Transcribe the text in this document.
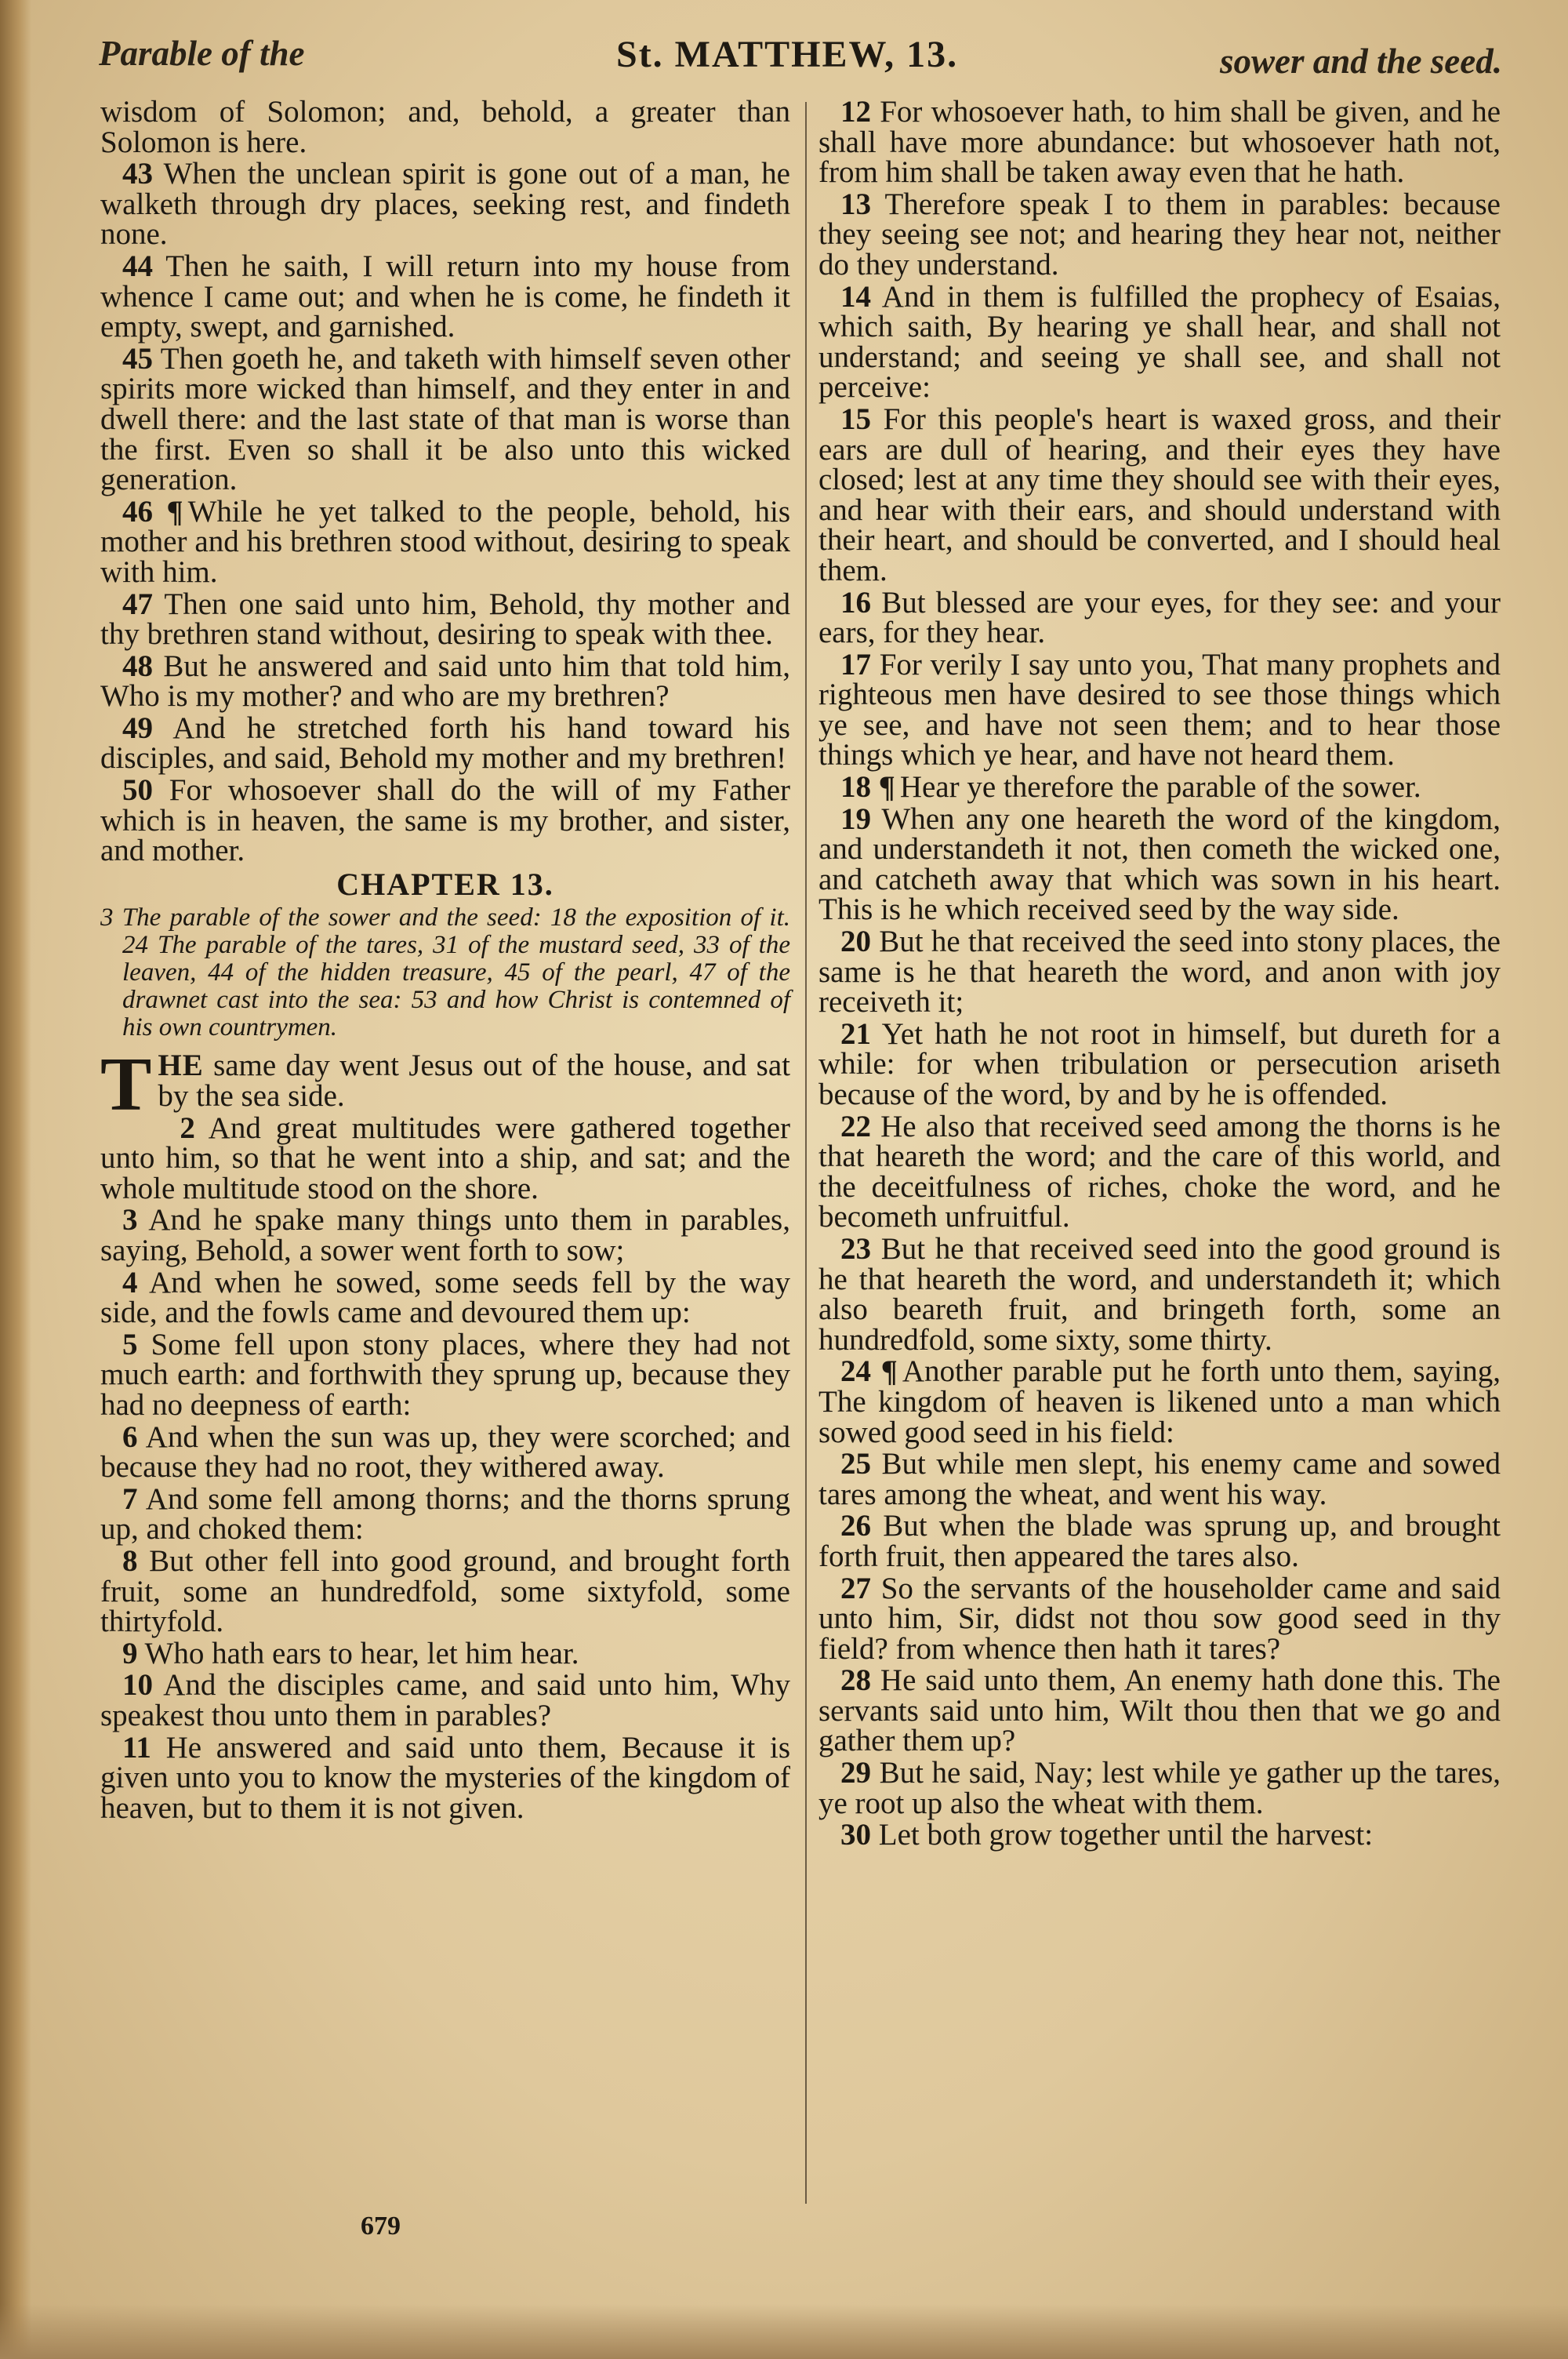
Parable of the	St. MATTHEW, 13.	sower and the seed.
wisdom of Solomon; and, behold, a greater than Solomon is here.
43 When the unclean spirit is gone out of a man, he walketh through dry places, seeking rest, and findeth none.
44 Then he saith, I will return into my house from whence I came out; and when he is come, he findeth it empty, swept, and garnished.
45 Then goeth he, and taketh with himself seven other spirits more wicked than himself, and they enter in and dwell there: and the last state of that man is worse than the first. Even so shall it be also unto this wicked generation.
46 ¶ While he yet talked to the people, behold, his mother and his brethren stood without, desiring to speak with him.
47 Then one said unto him, Behold, thy mother and thy brethren stand without, desiring to speak with thee.
48 But he answered and said unto him that told him, Who is my mother? and who are my brethren?
49 And he stretched forth his hand toward his disciples, and said, Behold my mother and my brethren!
50 For whosoever shall do the will of my Father which is in heaven, the same is my brother, and sister, and mother.
CHAPTER 13.
3 The parable of the sower and the seed: 18 the exposition of it. 24 The parable of the tares, 31 of the mustard seed, 33 of the leaven, 44 of the hidden treasure, 45 of the pearl, 47 of the drawnet cast into the sea: 53 and how Christ is contemned of his own countrymen.
THE same day went Jesus out of the house, and sat by the sea side.
2 And great multitudes were gathered together unto him, so that he went into a ship, and sat; and the whole multitude stood on the shore.
3 And he spake many things unto them in parables, saying, Behold, a sower went forth to sow;
4 And when he sowed, some seeds fell by the way side, and the fowls came and devoured them up:
5 Some fell upon stony places, where they had not much earth: and forthwith they sprung up, because they had no deepness of earth:
6 And when the sun was up, they were scorched; and because they had no root, they withered away.
7 And some fell among thorns; and the thorns sprung up, and choked them:
8 But other fell into good ground, and brought forth fruit, some an hundredfold, some sixtyfold, some thirtyfold.
9 Who hath ears to hear, let him hear.
10 And the disciples came, and said unto him, Why speakest thou unto them in parables?
11 He answered and said unto them, Because it is given unto you to know the mysteries of the kingdom of heaven, but to them it is not given.
12 For whosoever hath, to him shall be given, and he shall have more abundance: but whosoever hath not, from him shall be taken away even that he hath.
13 Therefore speak I to them in parables: because they seeing see not; and hearing they hear not, neither do they understand.
14 And in them is fulfilled the prophecy of Esaias, which saith, By hearing ye shall hear, and shall not understand; and seeing ye shall see, and shall not perceive:
15 For this people's heart is waxed gross, and their ears are dull of hearing, and their eyes they have closed; lest at any time they should see with their eyes, and hear with their ears, and should understand with their heart, and should be converted, and I should heal them.
16 But blessed are your eyes, for they see: and your ears, for they hear.
17 For verily I say unto you, That many prophets and righteous men have desired to see those things which ye see, and have not seen them; and to hear those things which ye hear, and have not heard them.
18 ¶ Hear ye therefore the parable of the sower.
19 When any one heareth the word of the kingdom, and understandeth it not, then cometh the wicked one, and catcheth away that which was sown in his heart. This is he which received seed by the way side.
20 But he that received the seed into stony places, the same is he that heareth the word, and anon with joy receiveth it;
21 Yet hath he not root in himself, but dureth for a while: for when tribulation or persecution ariseth because of the word, by and by he is offended.
22 He also that received seed among the thorns is he that heareth the word; and the care of this world, and the deceitfulness of riches, choke the word, and he becometh unfruitful.
23 But he that received seed into the good ground is he that heareth the word, and understandeth it; which also beareth fruit, and bringeth forth, some an hundredfold, some sixty, some thirty.
24 ¶ Another parable put he forth unto them, saying, The kingdom of heaven is likened unto a man which sowed good seed in his field:
25 But while men slept, his enemy came and sowed tares among the wheat, and went his way.
26 But when the blade was sprung up, and brought forth fruit, then appeared the tares also.
27 So the servants of the householder came and said unto him, Sir, didst not thou sow good seed in thy field? from whence then hath it tares?
28 He said unto them, An enemy hath done this. The servants said unto him, Wilt thou then that we go and gather them up?
29 But he said, Nay; lest while ye gather up the tares, ye root up also the wheat with them.
30 Let both grow together until the harvest:
679
